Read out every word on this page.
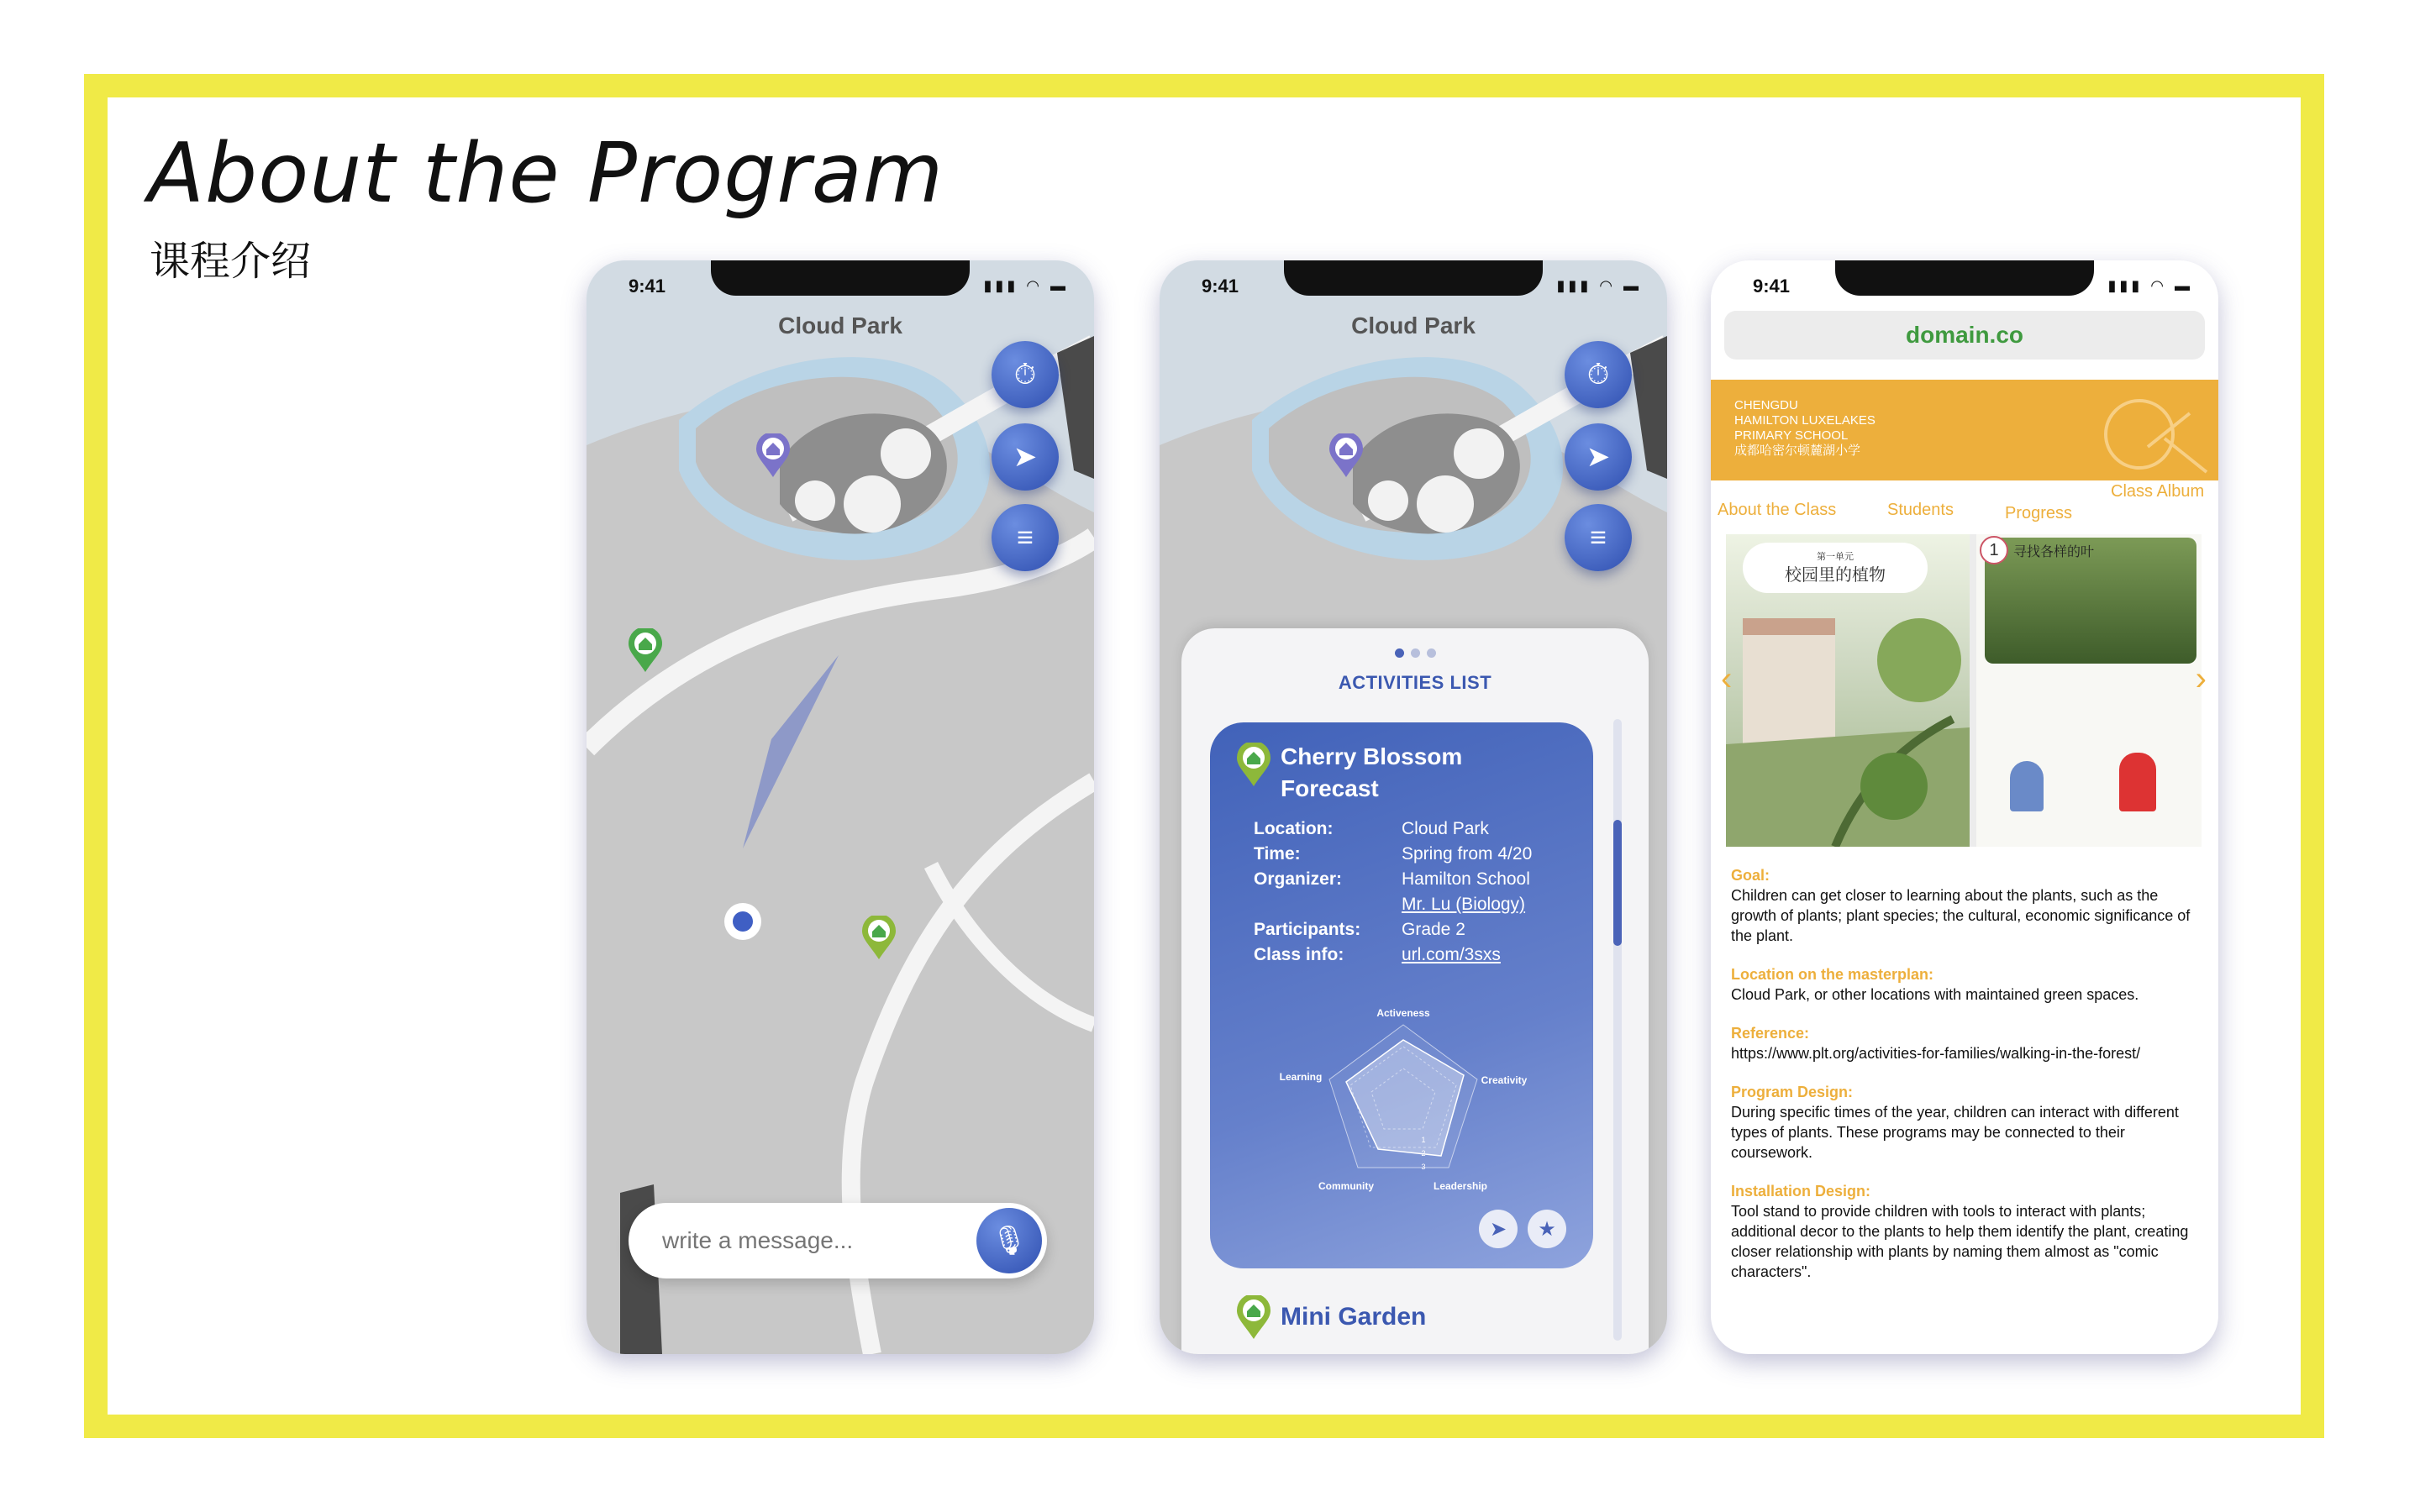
About the Program
课程介绍
9:41	▮▮▮ ◠ ▬
Cloud Park
⏱
➤
≡
write a message...
🎙
9:41	▮▮▮ ◠ ▬
Cloud Park
⏱
➤
≡
ACTIVITIES LIST
Cherry Blossom Forecast
Location:	Cloud Park
Time:	Spring from 4/20
Organizer:	Hamilton School
Mr. Lu (Biology)
Participants:	Grade 2
Class info:	url.com/3sxs
Activeness
Creativity
Leadership
Community
Learning
1
2
3
➤ ★
Mini Garden
9:41	▮▮▮ ◠ ▬
domain.co
CHENGDU
HAMILTON LUXELAKES
PRIMARY SCHOOL
成都哈密尔顿麓湖小学
About the Class	Students	Progress
Class Album
第一单元
校园里的植物
1	寻找各样的叶
‹	›
Goal:
Children can get closer to learning about the plants, such as the growth of plants; plant species; the cultural, economic significance of the plant.
Location on the masterplan:
Cloud Park, or other locations with maintained green spaces.
Reference:
https://www.plt.org/activities-for-families/walking-in-the-forest/
Program Design:
During specific times of the year, children can interact with different types of plants. These programs may be connected to their coursework.
Installation Design:
Tool stand to provide children with tools to interact with plants; additional decor to the plants to help them identify the plant, creating closer relationship with plants by naming them almost as "comic characters".
